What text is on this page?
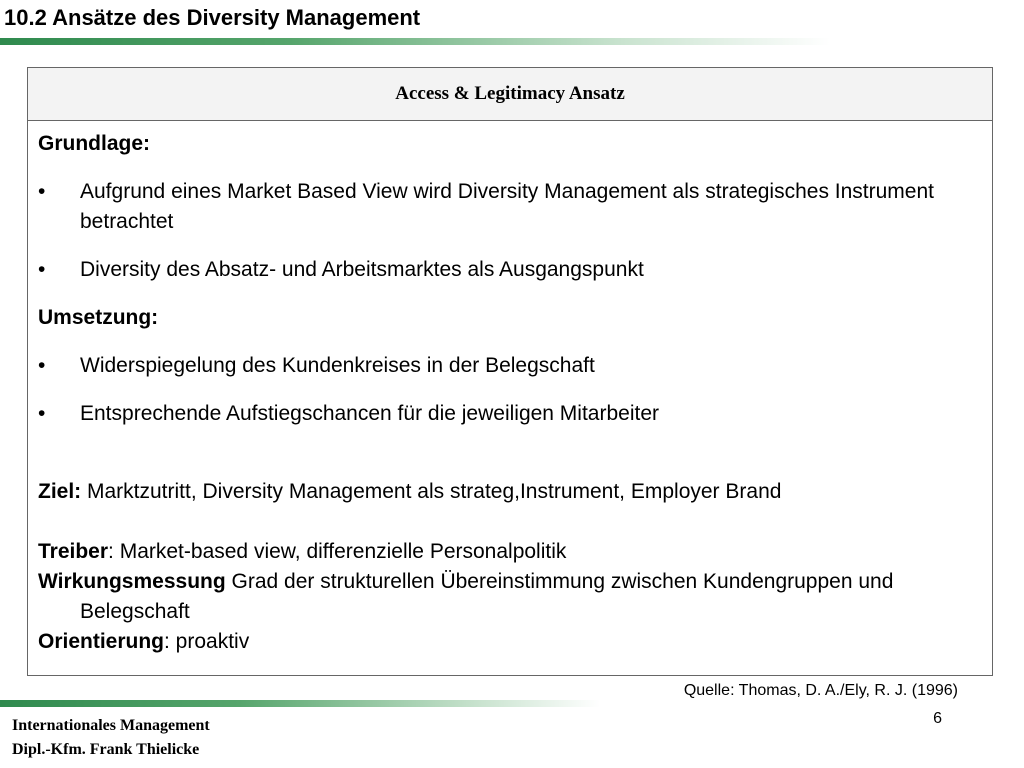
10.2 Ansätze des Diversity Management
Access & Legitimacy Ansatz

Grundlage:

•	Aufgrund eines Market Based View wird Diversity Management als strategisches Instrument betrachtet
•	Diversity des Absatz- und Arbeitsmarktes als Ausgangspunkt

Umsetzung:

•	Widerspiegelung des Kundenkreises in der Belegschaft
•	Entsprechende Aufstiegschancen für die jeweiligen Mitarbeiter

Ziel: Marktzutritt, Diversity Management als strateg,Instrument, Employer Brand

Treiber: Market-based view, differenzielle Personalpolitik

Wirkungsmessung Grad der strukturellen Übereinstimmung zwischen Kundengruppen und Belegschaft

Orientierung: proaktiv

Quelle: Thomas, D. A./Ely, R. J. (1996)
6
Internationales Management
Dipl.-Kfm. Frank Thielicke
